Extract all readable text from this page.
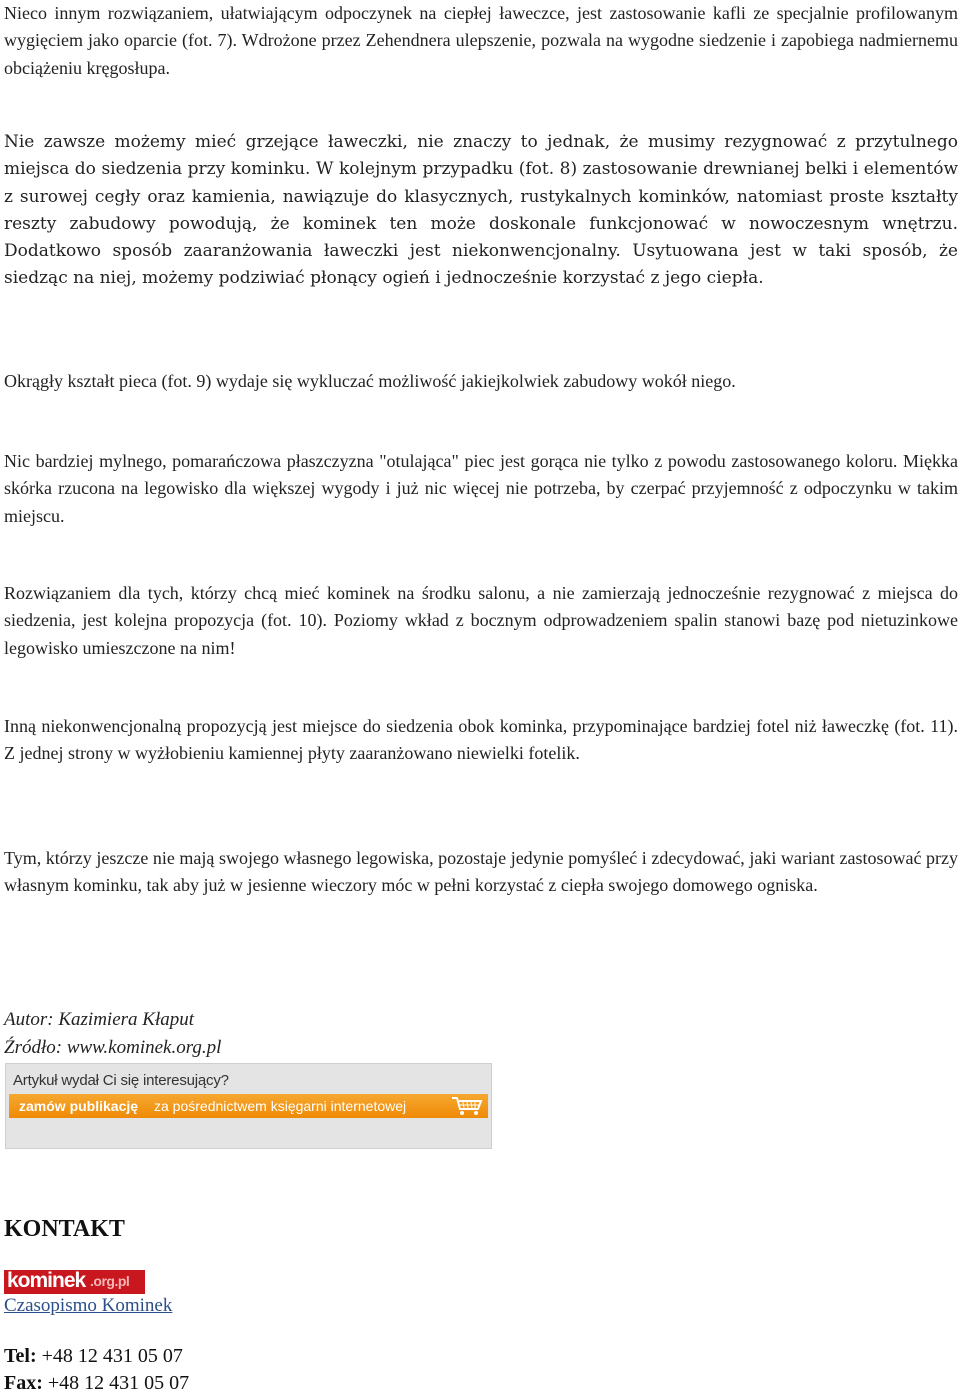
Nieco innym rozwiązaniem, ułatwiającym odpoczynek na ciepłej ławeczce, jest zastosowanie kafli ze specjalnie profilowanym wygięciem jako oparcie (fot. 7). Wdrożone przez Zehendnera ulepszenie, pozwala na wygodne siedzenie i zapobiega nadmiernemu obciążeniu kręgosłupa.

Nie zawsze możemy mieć grzejące ławeczki, nie znaczy to jednak, że musimy rezygnować z przytulnego miejsca do siedzenia przy kominku. W kolejnym przypadku (fot. 8) zastosowanie drewnianej belki i elementów z surowej cegły oraz kamienia, nawiązuje do klasycznych, rustykalnych kominków, natomiast proste kształty reszty zabudowy powodują, że kominek ten może doskonale funkcjonować w nowoczesnym wnętrzu. Dodatkowo sposób zaaranżowania ławeczki jest niekonwencjonalny. Usytuowana jest w taki sposób, że siedząc na niej, możemy podziwiać płonący ogień i jednocześnie korzystać z jego ciepła.

Okrągły kształt pieca (fot. 9) wydaje się wykluczać możliwość jakiejkolwiek zabudowy wokół niego.

Nic bardziej mylnego, pomarańczowa płaszczyzna "otulająca" piec jest gorąca nie tylko z powodu zastosowanego koloru. Miękka skórka rzucona na legowisko dla większej wygody i już nic więcej nie potrzeba, by czerpać przyjemność z odpoczynku w takim miejscu.

Rozwiązaniem dla tych, którzy chcą mieć kominek na środku salonu, a nie zamierzają jednocześnie rezygnować z miejsca do siedzenia, jest kolejna propozycja (fot. 10). Poziomy wkład z bocznym odprowadzeniem spalin stanowi bazę pod nietuzinkowe legowisko umieszczone na nim!

Inną niekonwencjonalną propozycją jest miejsce do siedzenia obok kominka, przypominające bardziej fotel niż ławeczkę (fot. 11). Z jednej strony w wyżłobieniu kamiennej płyty zaaranżowano niewielki fotelik.

Tym, którzy jeszcze nie mają swojego własnego legowiska, pozostaje jedynie pomyśleć i zdecydować, jaki wariant zastosować przy własnym kominku, tak aby już w jesienne wieczory móc w pełni korzystać z ciepła swojego domowego ogniska.

Autor: Kazimiera Kłaput

Źródło: www.kominek.org.pl

Artykuł wydał Ci się interesujący?
zamów publikację za pośrednictwem księgarni internetowej
KONTAKT
kominek .org.pl
Czasopismo Kominek

Tel: +48 12 431 05 07

Fax: +48 12 431 05 07
